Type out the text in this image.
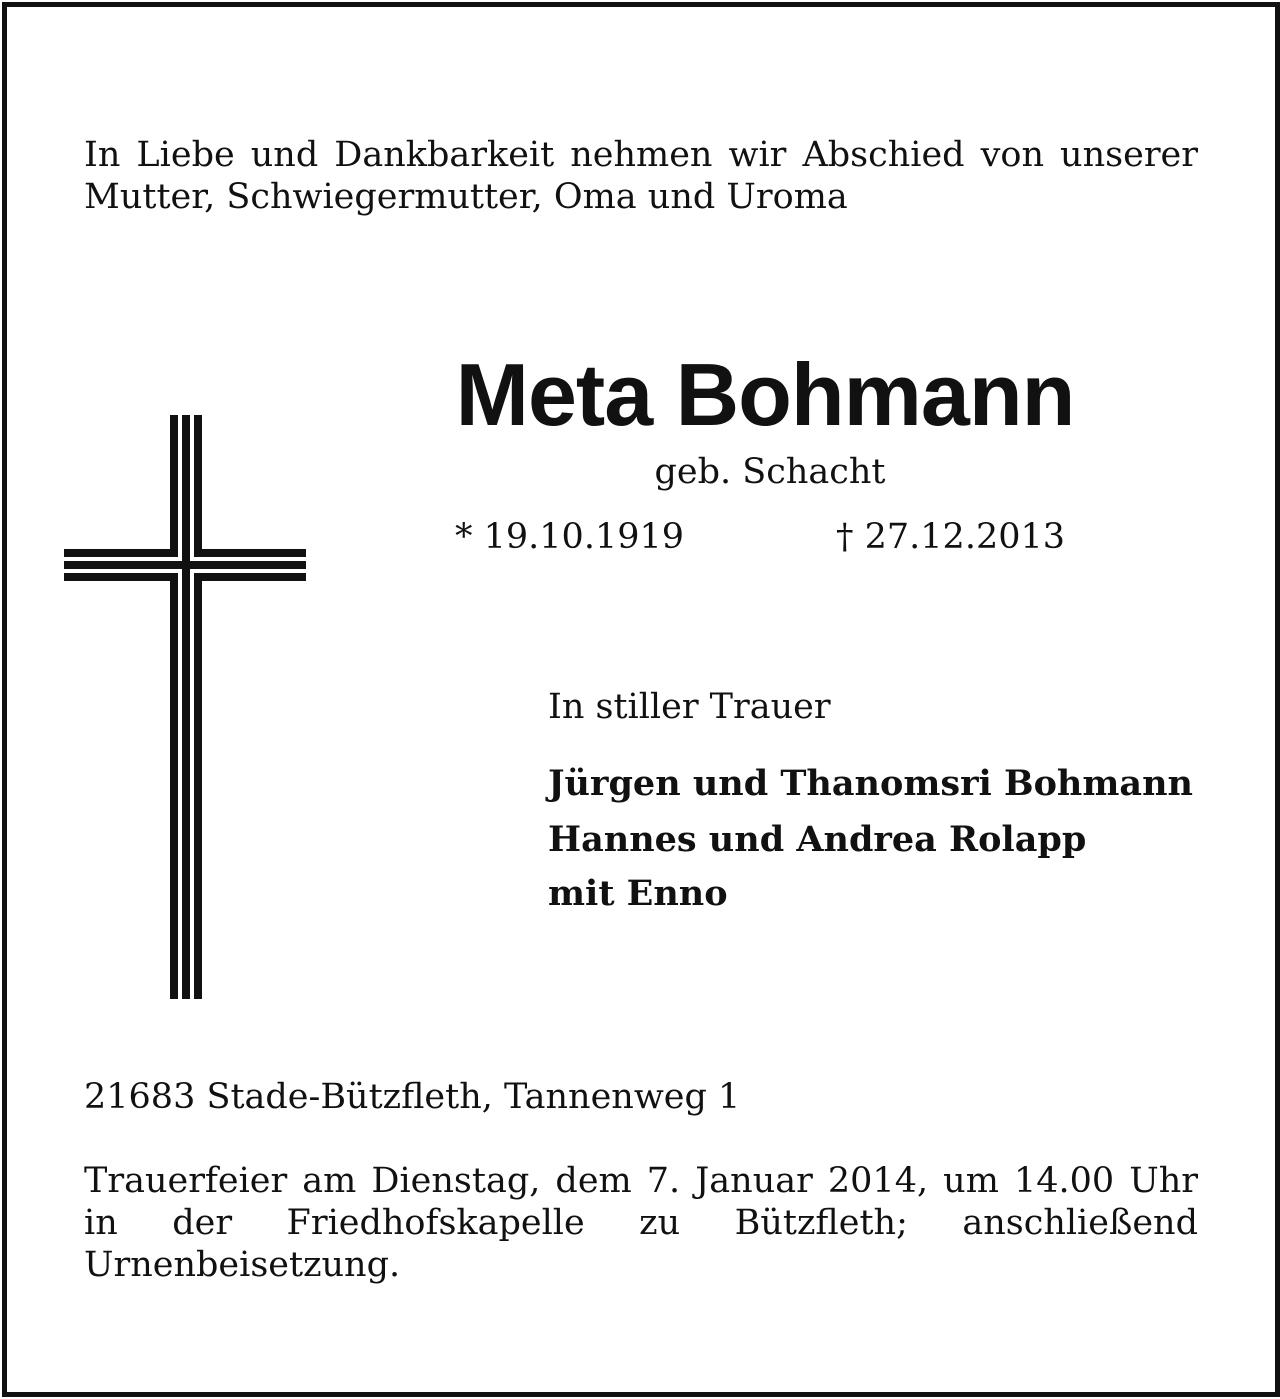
In Liebe und Dankbarkeit nehmen wir Abschied von unserer Mutter, Schwiegermutter, Oma und Uroma

Meta Bohmann

geb. Schacht

* 19.10.1919	† 27.12.2013

In stiller Trauer

Jürgen und Thanomsri Bohmann

Hannes und Andrea Rolapp

mit Enno

21683 Stade-Bützfleth, Tannenweg 1

Trauerfeier am Dienstag, dem 7. Januar 2014, um 14.00 Uhr in der Friedhofskapelle zu Bützfleth; anschließend Urnenbeisetzung.
